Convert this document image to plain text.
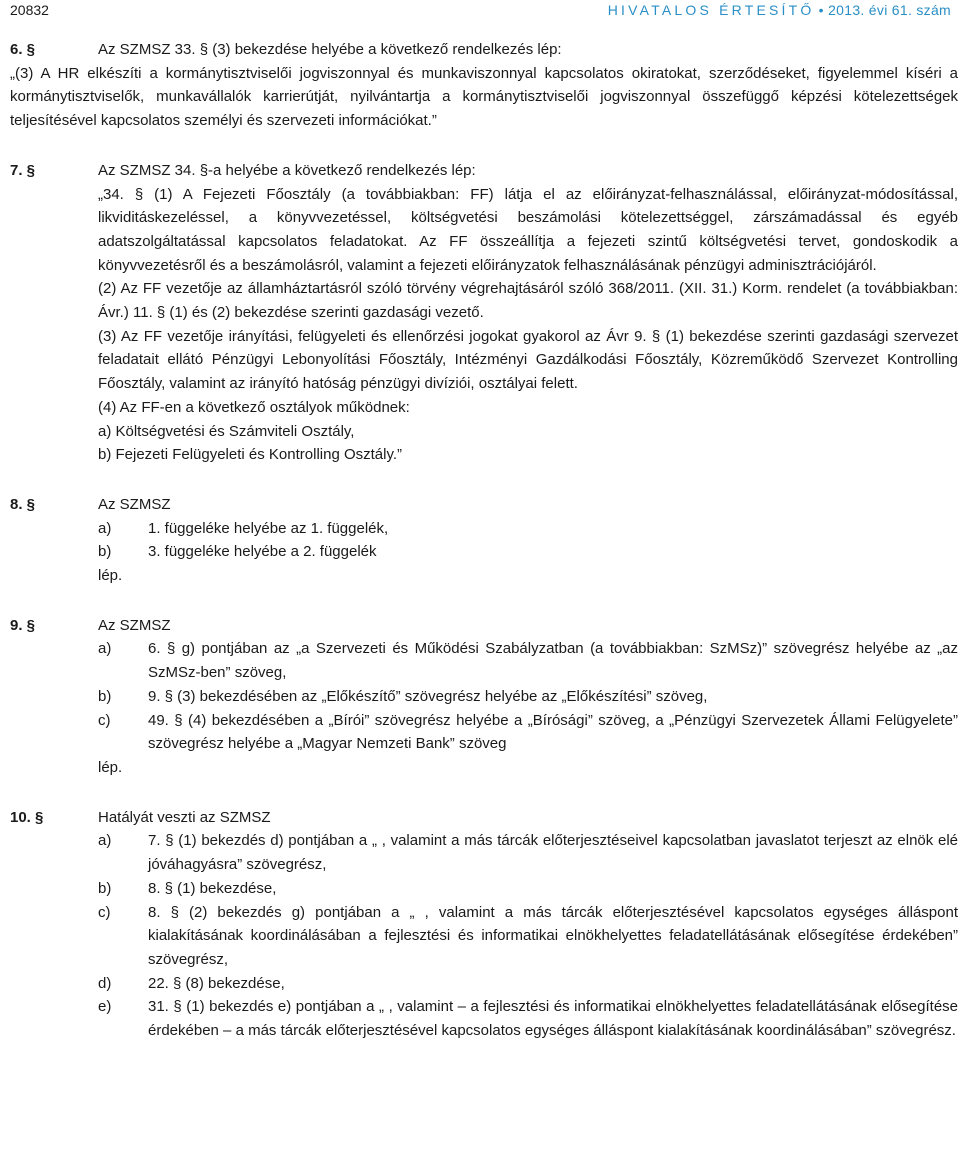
20832	HIVATALOS ÉRTESÍTŐ • 2013. évi 61. szám
6. §	Az SZMSZ 33. § (3) bekezdése helyébe a következő rendelkezés lép:

„(3) A HR elkészíti a kormánytisztviselői jogviszonnyal és munkaviszonnyal kapcsolatos okiratokat, szerződéseket, figyelemmel kíséri a kormánytisztviselők, munkavállalók karrierútját, nyilvántartja a kormánytisztviselői jogviszonnyal összefüggő képzési kötelezettségek teljesítésével kapcsolatos személyi és szervezeti információkat.”

7. §	Az SZMSZ 34. §-a helyébe a következő rendelkezés lép:

„34. § (1) A Fejezeti Főosztály (a továbbiakban: FF) látja el az előirányzat-felhasználással, előirányzat-módosítással, likviditáskezeléssel, a könyvvezetéssel, költségvetési beszámolási kötelezettséggel, zárszámadással és egyéb adatszolgáltatással kapcsolatos feladatokat. Az FF összeállítja a fejezeti szintű költségvetési tervet, gondoskodik a könyvvezetésről és a beszámolásról, valamint a fejezeti előirányzatok felhasználásának pénzügyi adminisztrációjáról.

(2) Az FF vezetője az államháztartásról szóló törvény végrehajtásáról szóló 368/2011. (XII. 31.) Korm. rendelet (a továbbiakban: Ávr.) 11. § (1) és (2) bekezdése szerinti gazdasági vezető.

(3) Az FF vezetője irányítási, felügyeleti és ellenőrzési jogokat gyakorol az Ávr 9. § (1) bekezdése szerinti gazdasági szervezet feladatait ellátó Pénzügyi Lebonyolítási Főosztály, Intézményi Gazdálkodási Főosztály, Közreműködő Szervezet Kontrolling Főosztály, valamint az irányító hatóság pénzügyi divíziói, osztályai felett.

(4) Az FF-en a következő osztályok működnek:

a) Költségvetési és Számviteli Osztály,

b) Fejezeti Felügyeleti és Kontrolling Osztály.”

8. §	Az SZMSZ

a)	1. függeléke helyébe az 1. függelék,
b)	3. függeléke helyébe a 2. függelék

lép.

9. §	Az SZMSZ

a)	6. § g) pontjában az „a Szervezeti és Működési Szabályzatban (a továbbiakban: SzMSz)” szövegrész helyébe az „az SzMSz-ben” szöveg,
b)	9. § (3) bekezdésében az „Előkészítő” szövegrész helyébe az „Előkészítési” szöveg,
c)	49. § (4) bekezdésében a „Bírói” szövegrész helyébe a „Bírósági” szöveg, a „Pénzügyi Szervezetek Állami Felügyelete” szövegrész helyébe a „Magyar Nemzeti Bank” szöveg

lép.

10. §	Hatályát veszti az SZMSZ

a)	7. § (1) bekezdés d) pontjában a „ , valamint a más tárcák előterjesztéseivel kapcsolatban javaslatot terjeszt az elnök elé jóváhagyásra” szövegrész,
b)	8. § (1) bekezdése,
c)	8. § (2) bekezdés g) pontjában a „ , valamint a más tárcák előterjesztésével kapcsolatos egységes álláspont kialakításának koordinálásában a fejlesztési és informatikai elnökhelyettes feladatellátásának elősegítése érdekében” szövegrész,
d)	22. § (8) bekezdése,
e)	31. § (1) bekezdés e) pontjában a „ , valamint – a fejlesztési és informatikai elnökhelyettes feladatellátásának elősegítése érdekében – a más tárcák előterjesztésével kapcsolatos egységes álláspont kialakításának koordinálásában” szövegrész.
